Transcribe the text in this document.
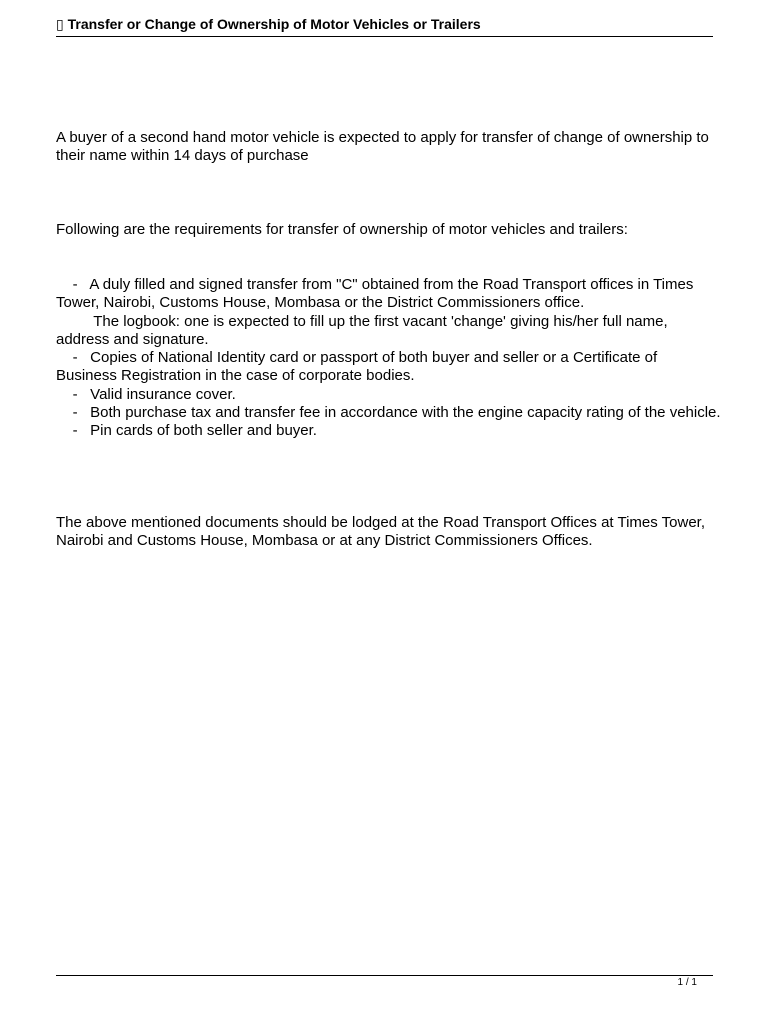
▯ Transfer or Change of Ownership of Motor Vehicles or Trailers
A buyer of a second hand motor vehicle is expected to apply for transfer of change of ownership to their name within 14 days of purchase
Following are the requirements for transfer of ownership of motor vehicles and trailers:
-   A duly filled and signed transfer from "C" obtained from the Road Transport offices in Times Tower, Nairobi, Customs House, Mombasa or the District Commissioners office.
The logbook: one is expected to fill up the first vacant 'change' giving his/her full name, address and signature.
-   Copies of National Identity card or passport of both buyer and seller or a Certificate of Business Registration in the case of corporate bodies.
-   Valid insurance cover.
-   Both purchase tax and transfer fee in accordance with the engine capacity rating of the vehicle.
-   Pin cards of both seller and buyer.
The above mentioned documents should be lodged at the Road Transport Offices at Times Tower, Nairobi and Customs House, Mombasa or at any District Commissioners Offices.
1 / 1
